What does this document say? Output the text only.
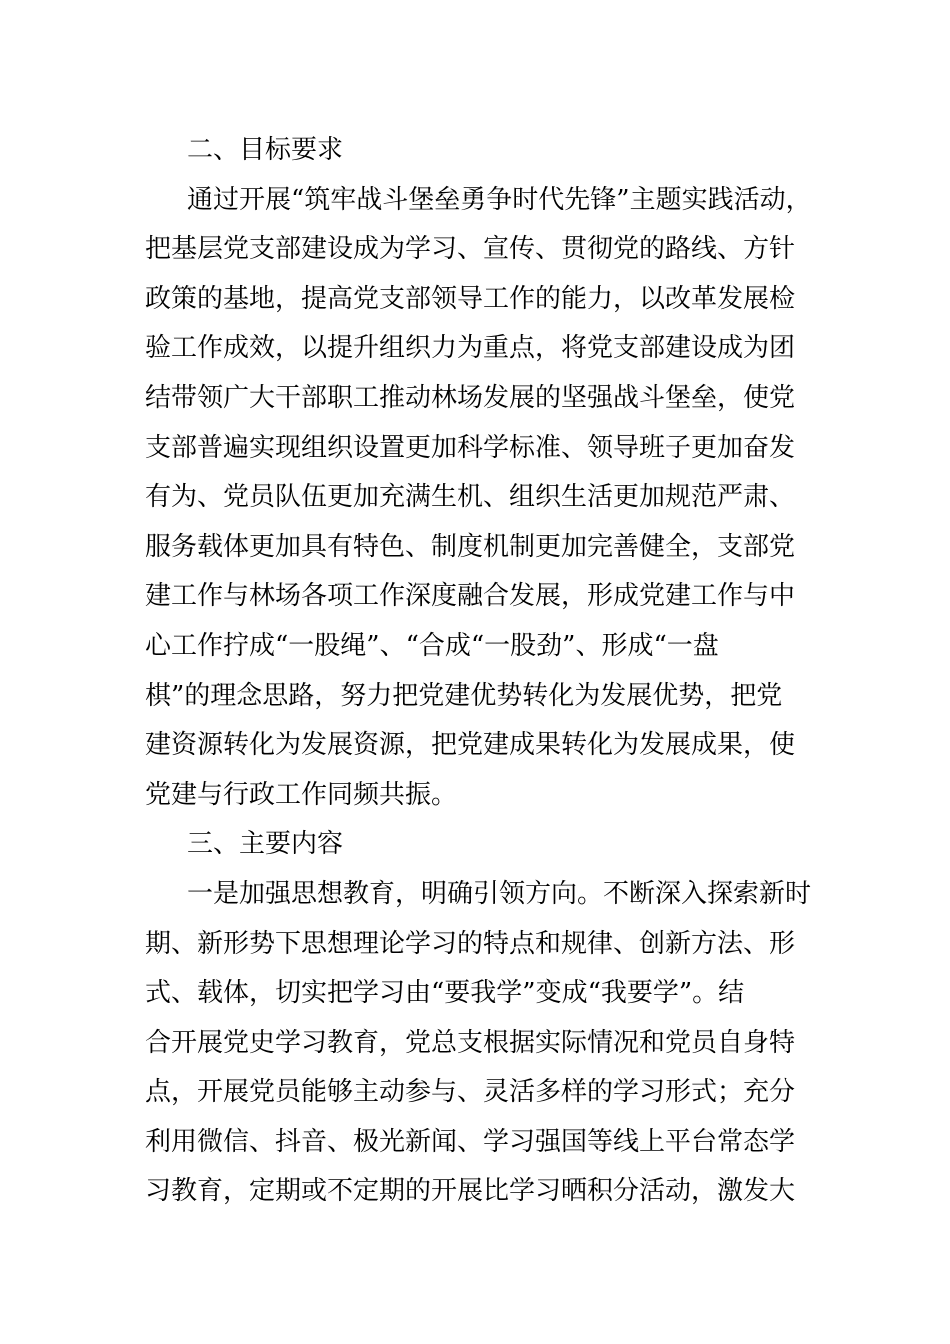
二、目标要求
通过开展“筑牢战斗堡垒勇争时代先锋”主题实践活动，
把基层党支部建设成为学习、宣传、贯彻党的路线、方针
政策的基地，提高党支部领导工作的能力，以改革发展检
验工作成效，以提升组织力为重点，将党支部建设成为团
结带领广大干部职工推动林场发展的坚强战斗堡垒，使党
支部普遍实现组织设置更加科学标准、领导班子更加奋发
有为、党员队伍更加充满生机、组织生活更加规范严肃、
服务载体更加具有特色、制度机制更加完善健全，支部党
建工作与林场各项工作深度融合发展，形成党建工作与中
心工作拧成“一股绳”、“合成“一股劲”、形成“一盘
棋”的理念思路，努力把党建优势转化为发展优势，把党
建资源转化为发展资源，把党建成果转化为发展成果，使
党建与行政工作同频共振。
三、主要内容
一是加强思想教育，明确引领方向。不断深入探索新时
期、新形势下思想理论学习的特点和规律、创新方法、形
式、载体，切实把学习由“要我学”变成“我要学”。结
合开展党史学习教育，党总支根据实际情况和党员自身特
点，开展党员能够主动参与、灵活多样的学习形式；充分
利用微信、抖音、极光新闻、学习强国等线上平台常态学
习教育，定期或不定期的开展比学习晒积分活动，激发大
